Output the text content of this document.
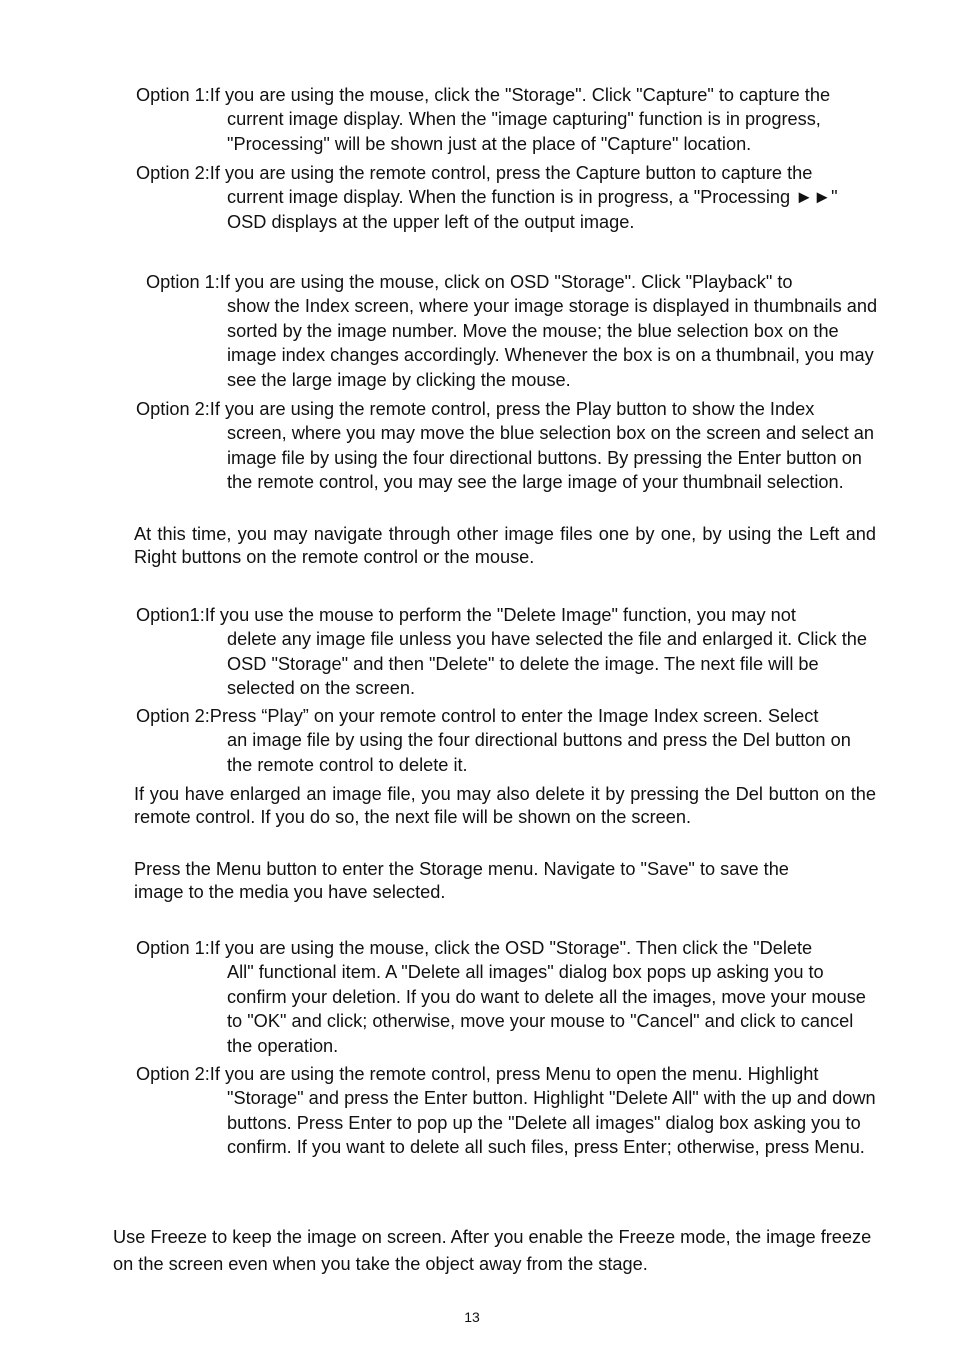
Option 1:If you are using the mouse, click the "Storage". Click "Capture" to capture the
current image display. When the "image capturing" function is in progress, "Processing" will be shown just at the place of "Capture" location.
Option 2:If you are using the remote control, press the Capture button to capture the
current image display. When the function is in progress, a "Processing ►►" OSD displays at the upper left of the output image.
Option 1:If you are using the mouse, click on OSD "Storage". Click "Playback" to
show the Index screen, where your image storage is displayed in thumbnails and sorted by the image number. Move the mouse; the blue selection box on the image index changes accordingly. Whenever the box is on a thumbnail, you may see the large image by clicking the mouse.
Option 2:If you are using the remote control, press the Play button to show the Index
screen, where you may move the blue selection box on the screen and select an image file by using the four directional buttons. By pressing the Enter button on the remote control, you may see the large image of your thumbnail selection.

At this time, you may navigate through other image files one by one, by using the Left and Right buttons on the remote control or the mouse.

Option1:If you use the mouse to perform the "Delete Image" function, you may not
delete any image file unless you have selected the file and enlarged it. Click the OSD "Storage" and then "Delete" to delete the image. The next file will be selected on the screen.
Option 2:Press “Play” on your remote control to enter the Image Index screen. Select
an image file by using the four directional buttons and press the Del button on the remote control to delete it.

If you have enlarged an image file, you may also delete it by pressing the Del button on the remote control. If you do so, the next file will be shown on the screen.

Press the Menu button to enter the Storage menu. Navigate to "Save" to save the image to the media you have selected.

Option 1:If you are using the mouse, click the OSD "Storage". Then click the "Delete
All" functional item. A "Delete all images" dialog box pops up asking you to confirm your deletion. If you do want to delete all the images, move your mouse to "OK" and click; otherwise, move your mouse to "Cancel" and click to cancel the operation.
Option 2:If you are using the remote control, press Menu to open the menu. Highlight
"Storage" and press the Enter button. Highlight "Delete All" with the up and down buttons. Press Enter to pop up the "Delete all images" dialog box asking you to confirm. If you want to delete all such files, press Enter; otherwise, press Menu.

Use Freeze to keep the image on screen. After you enable the Freeze mode, the image freeze on the screen even when you take the object away from the stage.

13
